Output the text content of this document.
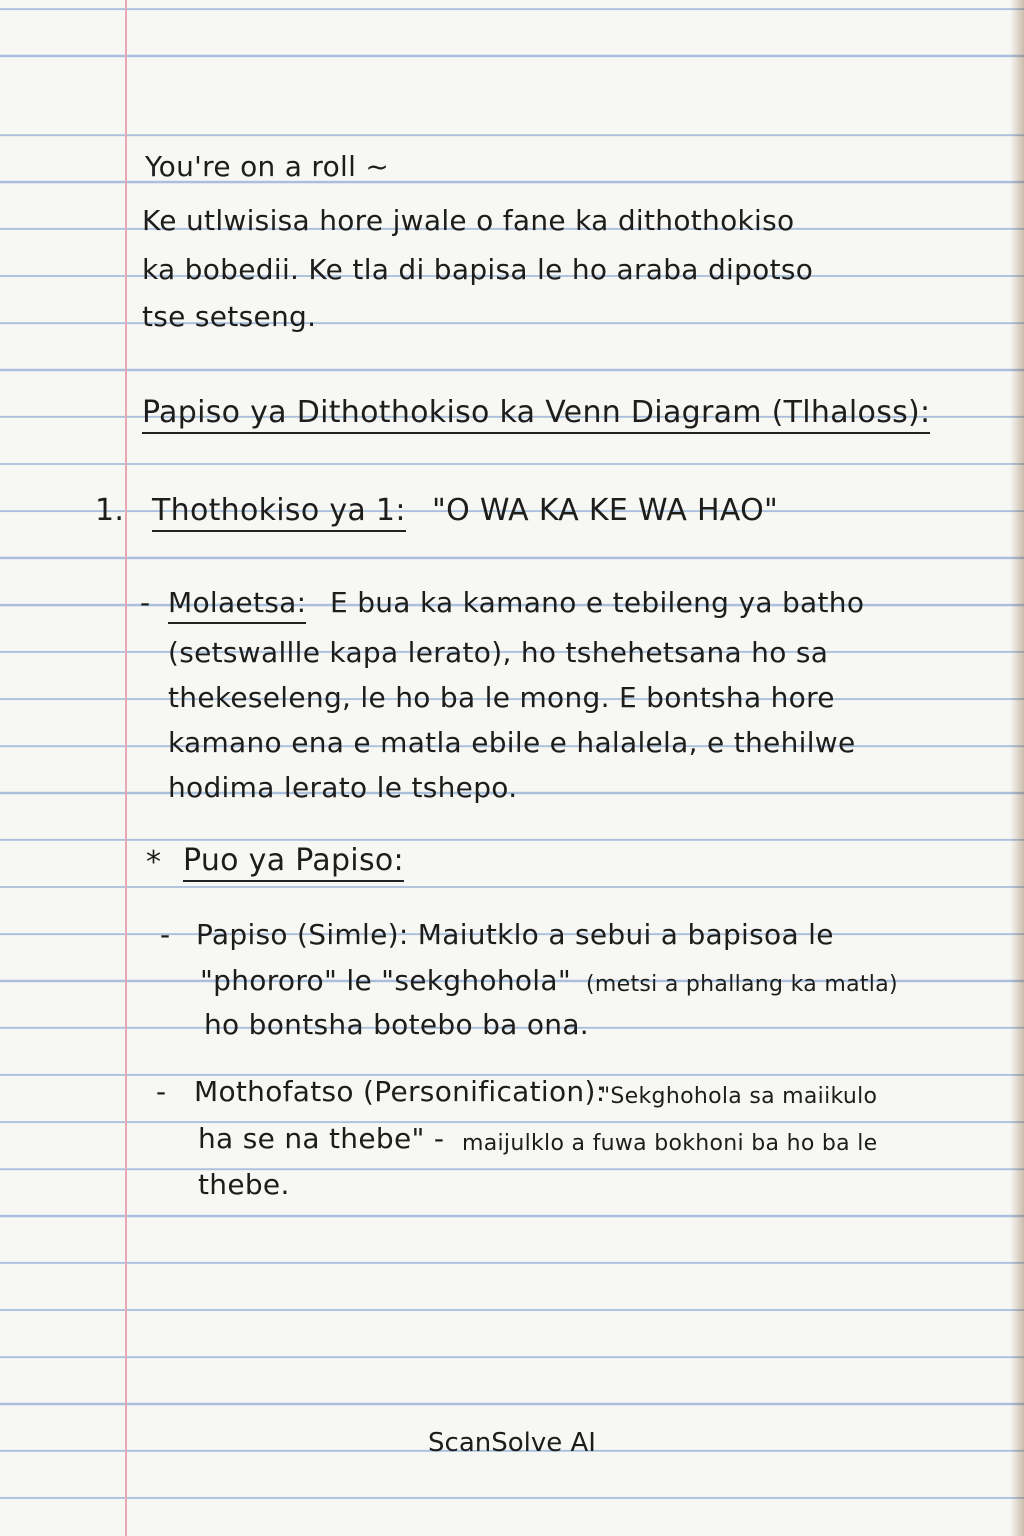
You're on a roll ~
Ke utlwisisa hore jwale o fane ka dithothokiso
ka bobedii. Ke tla di bapisa le ho araba dipotso
tse setseng.
Papiso ya Dithothokiso ka Venn Diagram (Tlhaloss):
1. Thothokiso ya 1: "O WA KA KE WA HAO"
- Molaetsa: E bua ka kamano e tebileng ya batho
(setswallle kapa lerato), ho tshehetsana ho sa
thekeseleng, le ho ba le mong. E bontsha hore
kamano ena e matla ebile e halalela, e thehilwe
hodima lerato le tshepo.
* Puo ya Papiso:
- Papiso (Simle): Maiutklo a sebui a bapisoa le
"phororo" le "sekghohola" (metsi a phallang ka matla)
ho bontsha botebo ba ona.
- Mothofatso (Personification):
"Sekghohola sa maiikulo
ha se na thebe" - maijulklo a fuwa bokhoni ba ho ba le
thebe.
ScanSolve AI
